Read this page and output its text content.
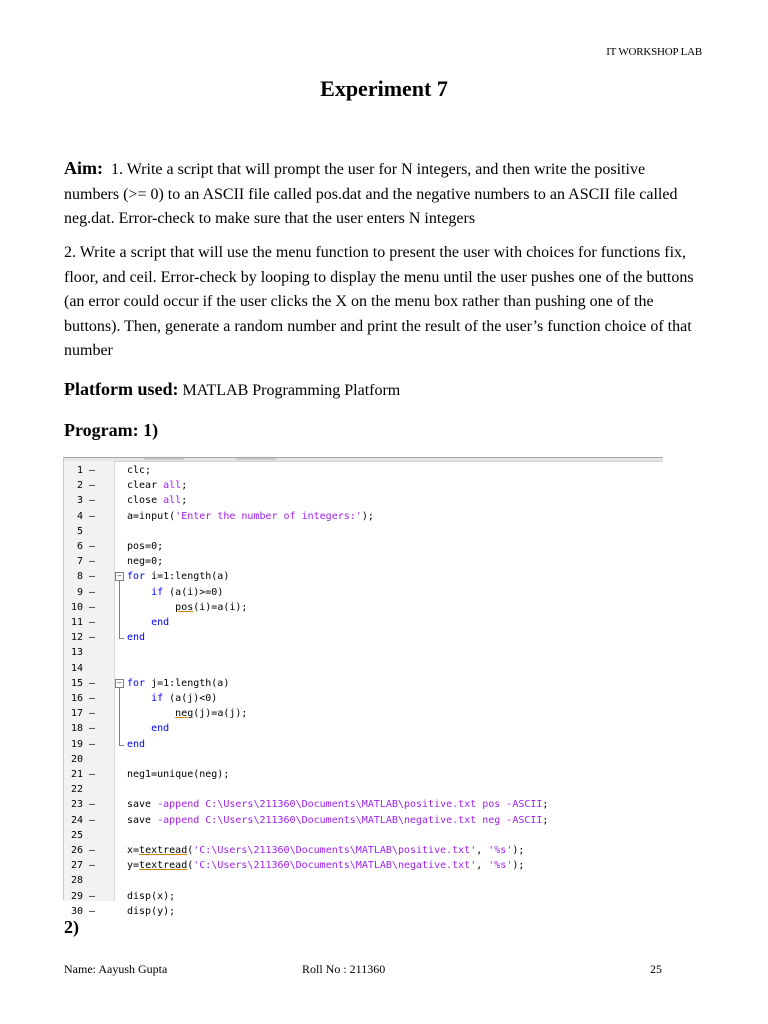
IT WORKSHOP LAB
Experiment 7
Aim: 1. Write a script that will prompt the user for N integers, and then write the positive numbers (>= 0) to an ASCII file called pos.dat and the negative numbers to an ASCII file called neg.dat. Error-check to make sure that the user enters N integers
2. Write a script that will use the menu function to present the user with choices for functions fix, floor, and ceil. Error-check by looping to display the menu until the user pushes one of the buttons (an error could occur if the user clicks the X on the menu box rather than pushing one of the buttons). Then, generate a random number and print the result of the user’s function choice of that number
Platform used: MATLAB Programming Platform
Program: 1)
1 –	clc;
2 –	clear all;
3 –	close all;
4 –	a=input('Enter the number of integers:');
5
6 –	pos=0;
7 –	neg=0;
8 –	for i=1:length(a)
−
9 –	if (a(i)>=0)
10 –	pos(i)=a(i);
11 –	end
12 –	end
13
14
15 –	for j=1:length(a)
−
16 –	if (a(j)<0)
17 –	neg(j)=a(j);
18 –	end
19 –	end
20
21 –	neg1=unique(neg);
22
23 –	save -append C:\Users\211360\Documents\MATLAB\positive.txt pos -ASCII;
24 –	save -append C:\Users\211360\Documents\MATLAB\negative.txt neg -ASCII;
25
26 –	x=textread('C:\Users\211360\Documents\MATLAB\positive.txt', '%s');
27 –	y=textread('C:\Users\211360\Documents\MATLAB\negative.txt', '%s');
28
29 –	disp(x);
30 –	disp(y);
2)
Name: Aayush Gupta	Roll No : 211360	25
